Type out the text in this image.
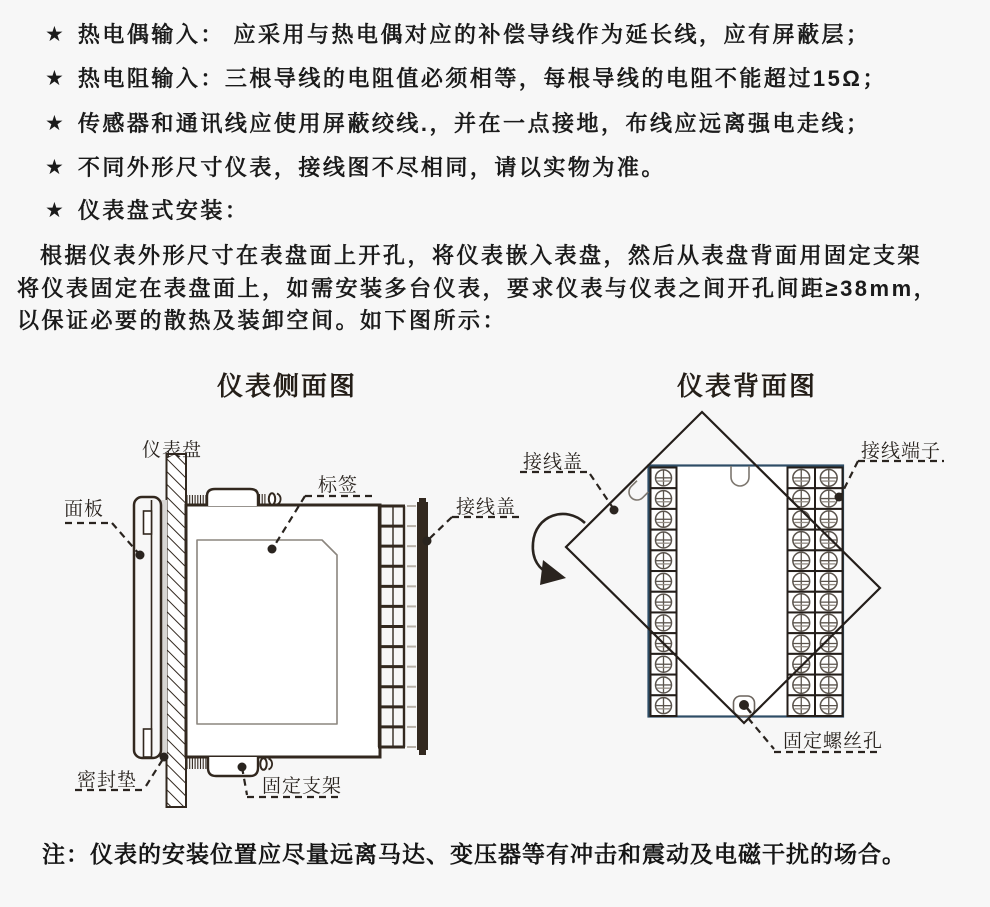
★ 热电偶输入： 应采用与热电偶对应的补偿导线作为延长线，应有屏蔽层；
★ 热电阻输入：三根导线的电阻值必须相等，每根导线的电阻不能超过15Ω；
★ 传感器和通讯线应使用屏蔽绞线.，并在一点接地，布线应远离强电走线；
★ 不同外形尺寸仪表，接线图不尽相同，请以实物为准。
★ 仪表盘式安装：
根据仪表外形尺寸在表盘面上开孔，将仪表嵌入表盘，然后从表盘背面用固定支架
将仪表固定在表盘面上，如需安装多台仪表，要求仪表与仪表之间开孔间距≥38mm，
以保证必要的散热及装卸空间。如下图所示：
仪表侧面图	仪表背面图
仪表盘
面板
标签
接线盖
密封垫	固定支架
接线盖
接线端子
固定螺丝孔
注：仪表的安装位置应尽量远离马达、变压器等有冲击和震动及电磁干扰的场合。
